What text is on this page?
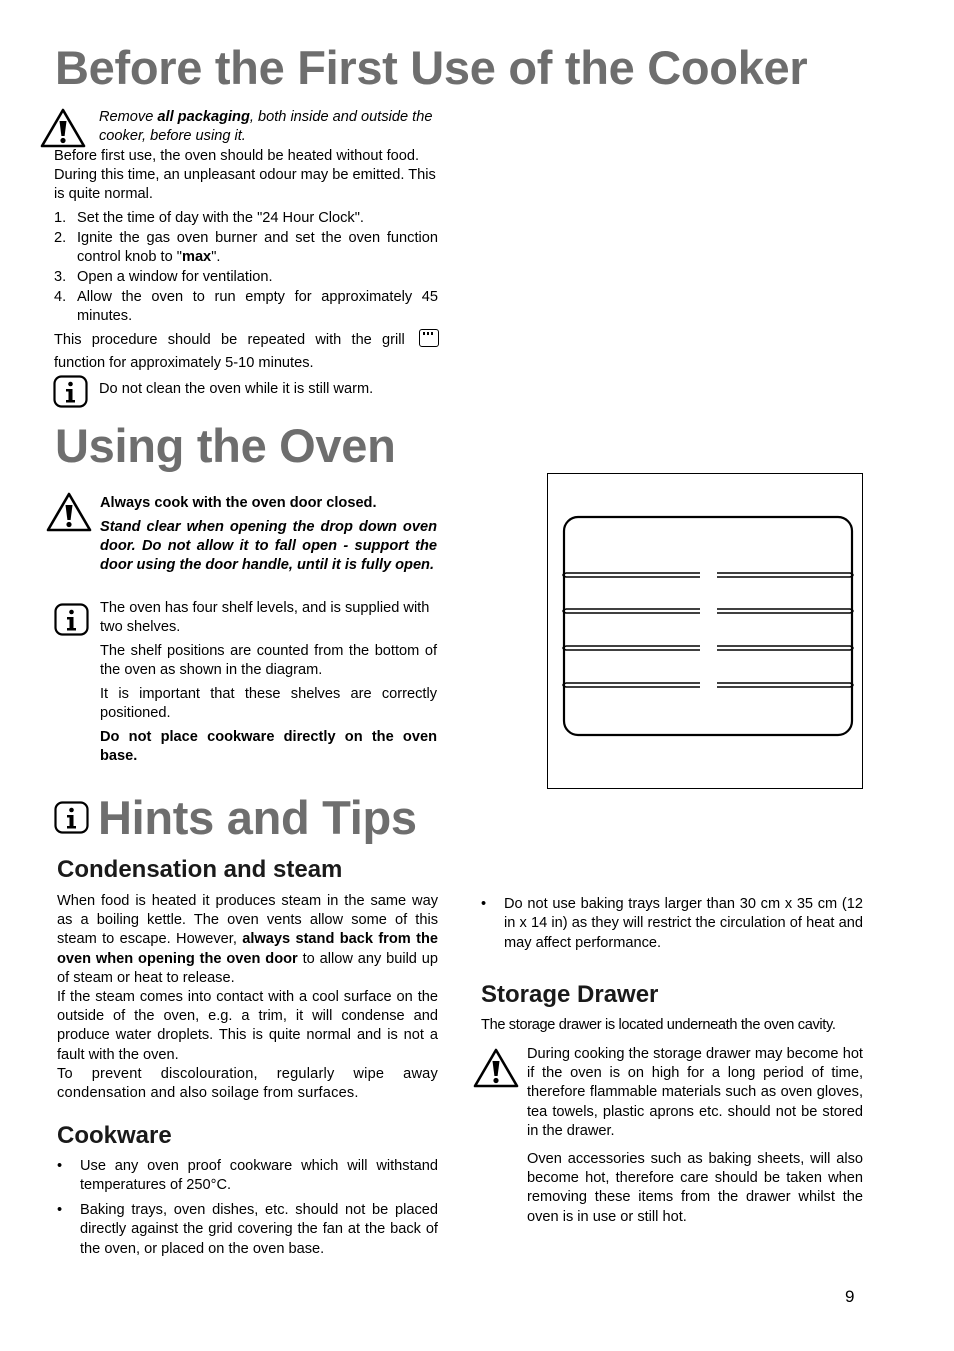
Before the First Use of the Cooker
Remove all packaging, both inside and outside the cooker, before using it.
Before first use, the oven should be heated without food. During this time, an unpleasant odour may be emitted. This is quite normal.
1. Set the time of day with the "24 Hour Clock".
2. Ignite the gas oven burner and set the oven function control knob to "max".
3. Open a window for ventilation.
4. Allow the oven to run empty for approximately 45 minutes.
This procedure should be repeated with the grill
function for approximately 5-10 minutes.
Do not clean the oven while it is still warm.
Using the Oven
Always cook with the oven door closed.
Stand clear when opening the drop down oven door. Do not allow it to fall open - support the door using the door handle, until it is fully open.
The oven has four shelf levels, and is supplied with two shelves.
The shelf positions are counted from the bottom of the oven as shown in the diagram.
It is important that these shelves are correctly positioned.
Do not place cookware directly on the oven base.
Hints and Tips
Condensation and steam
When food is heated it produces steam in the same way as a boiling kettle. The oven vents allow some of this steam to escape. However, always stand back from the oven when opening the oven door to allow any build up of steam or heat to release.
If the steam comes into contact with a cool surface on the outside of the oven, e.g. a trim, it will condense and produce water droplets. This is quite normal and is not a fault with the oven.
To prevent discolouration, regularly wipe away condensation and also soilage from surfaces.
Cookware
• Use any oven proof cookware which will withstand temperatures of 250°C.
• Baking trays, oven dishes, etc. should not be placed directly against the grid covering the fan at the back of the oven, or placed on the oven base.
• Do not use baking trays larger than 30 cm x 35 cm (12 in x 14 in) as they will restrict the circulation of heat and may affect performance.
Storage Drawer
The storage drawer is located underneath the oven cavity.
During cooking the storage drawer may become hot if the oven is on high for a long period of time, therefore flammable materials such as oven gloves, tea towels, plastic aprons etc. should not be stored in the drawer.
Oven accessories such as baking sheets, will also become hot, therefore care should be taken when removing these items from the drawer whilst the oven is in use or still hot.
9
